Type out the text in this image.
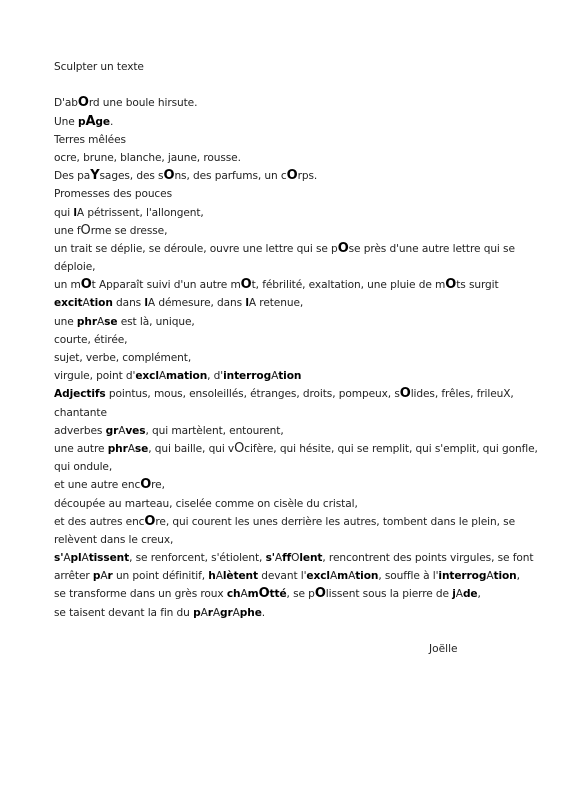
Sculpter un texte
D'abOrd une boule hirsute.
Une pAge.
Terres mêlées
ocre, brune, blanche, jaune, rousse.
Des paYsages, des sOns, des parfums, un cOrps.
Promesses des pouces
qui lA pétrissent, l'allongent,
une fOrme se dresse,
un trait se déplie, se déroule, ouvre une lettre qui se pOse près d'une autre lettre qui se
déploie,
un mOt Apparaît suivi d'un autre mOt, fébrilité, exaltation, une pluie de mOts surgit
excitAtion dans lA démesure, dans lA retenue,
une phrAse est là, unique,
courte, étirée,
sujet, verbe, complément,
virgule, point d'exclAmation, d'interrogAtion
Adjectifs pointus, mous, ensoleillés, étranges, droits, pompeux, sOlides, frêles, frileuX,
chantante
adverbes grAves, qui martèlent, entourent,
une autre phrAse, qui baille, qui vOcifère, qui hésite, qui se remplit, qui s'emplit, qui gonfle,
qui ondule,
et une autre encOre,
découpée au marteau, ciselée comme on cisèle du cristal,
et des autres encOre, qui courent les unes derrière les autres, tombent dans le plein, se
relèvent dans le creux,
s'AplAtissent, se renforcent, s'étiolent, s'AffOlent, rencontrent des points virgules, se font
arrêter pAr un point définitif, hAlètent devant l'exclAmAtion, souffle à l'interrogAtion,
se transforme dans un grès roux chAmOtté, se pOlissent sous la pierre de jAde,
se taisent devant la fin du pArAgrAphe.
Joëlle
